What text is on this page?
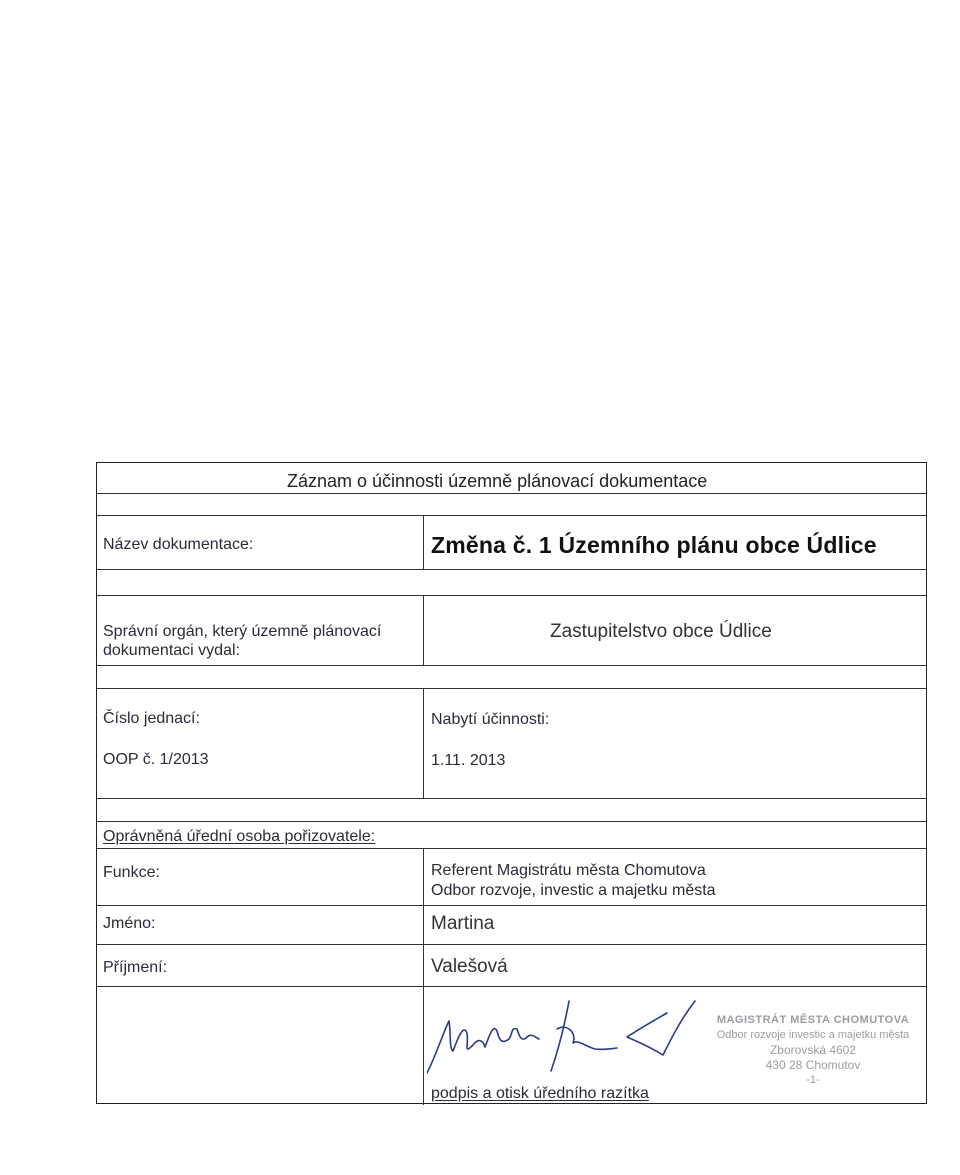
Záznam o účinnosti územně plánovací dokumentace
Název dokumentace:	Změna č. 1 Územního plánu obce Údlice
Správní orgán, který územně plánovací
dokumentaci vydal:
Zastupitelstvo obce Údlice
Číslo jednací:
OOP č. 1/2013
Nabytí účinnosti:
1.11. 2013
Oprávněná úřední osoba pořizovatele:
Funkce:	Referent Magistrátu města Chomutova
Odbor rozvoje, investic a majetku města
Jméno:	Martina
Příjmení:	Valešová
MAGISTRÁT MĚSTA CHOMUTOVA
Odbor rozvoje investic a majetku města
Zborovská 4602
430 28 Chomutov
-1-
podpis a otisk úředního razítka
